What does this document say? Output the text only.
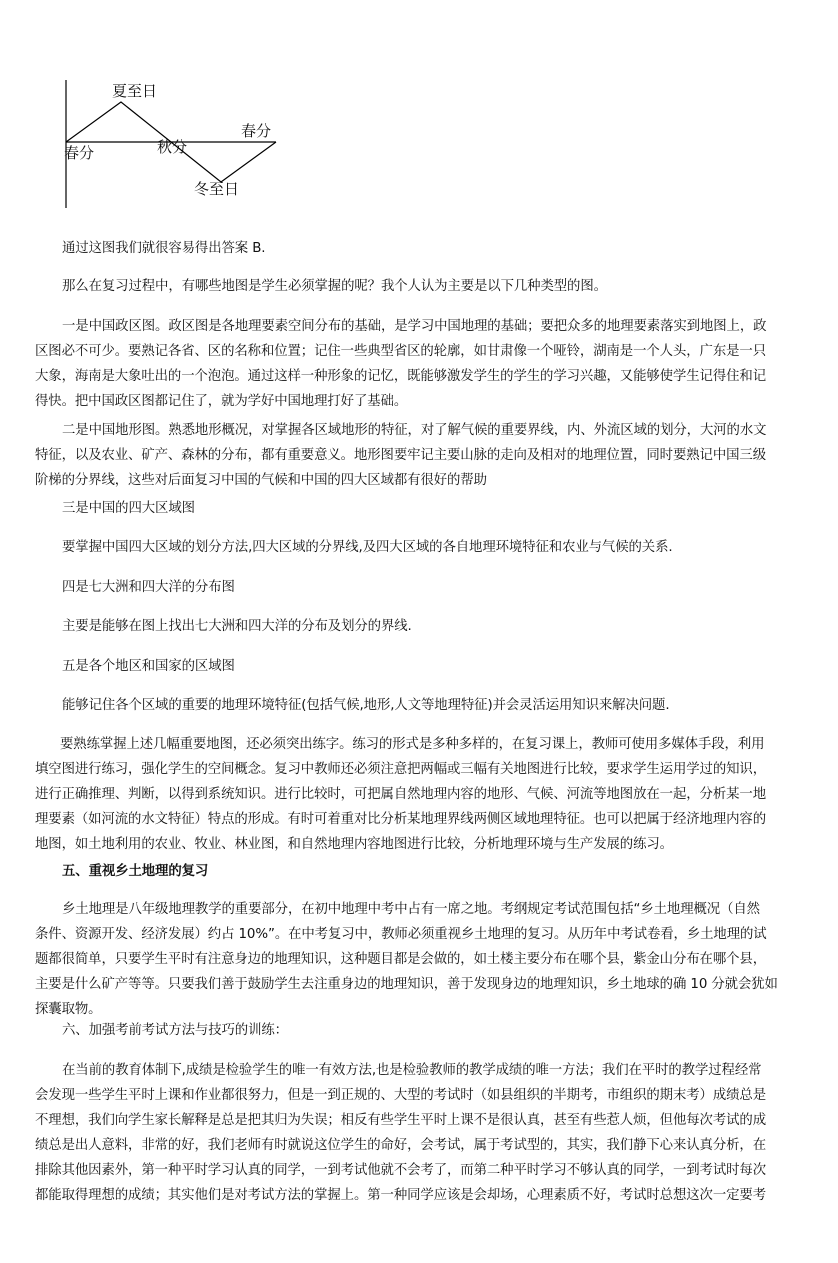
夏至日
春分	秋分
冬至日
春分
通过这图我们就很容易得出答案 B.
那么在复习过程中，有哪些地图是学生必须掌握的呢？我个人认为主要是以下几种类型的图。
一是中国政区图。政区图是各地理要素空间分布的基础，是学习中国地理的基础；要把众多的地理要素落实到地图上，政
区图必不可少。要熟记各省、区的名称和位置；记住一些典型省区的轮廓，如甘肃像一个哑铃，湖南是一个人头，广东是一只
大象，海南是大象吐出的一个泡泡。通过这样一种形象的记忆，既能够激发学生的学生的学习兴趣，又能够使学生记得住和记
得快。把中国政区图都记住了，就为学好中国地理打好了基础。
二是中国地形图。熟悉地形概况，对掌握各区域地形的特征，对了解气候的重要界线，内、外流区域的划分，大河的水文
特征，以及农业、矿产、森林的分布，都有重要意义。地形图要牢记主要山脉的走向及相对的地理位置，同时要熟记中国三级
阶梯的分界线，这些对后面复习中国的气候和中国的四大区域都有很好的帮助
三是中国的四大区域图
要掌握中国四大区域的划分方法,四大区域的分界线,及四大区域的各自地理环境特征和农业与气候的关系.
四是七大洲和四大洋的分布图
主要是能够在图上找出七大洲和四大洋的分布及划分的界线.
五是各个地区和国家的区域图
能够记住各个区域的重要的地理环境特征(包括气候,地形,人文等地理特征)并会灵活运用知识来解决问题.
要熟练掌握上述几幅重要地图，还必须突出练字。练习的形式是多种多样的，在复习课上，教师可使用多媒体手段，利用
填空图进行练习，强化学生的空间概念。复习中教师还必须注意把两幅或三幅有关地图进行比较，要求学生运用学过的知识，
进行正确推理、判断，以得到系统知识。进行比较时，可把属自然地理内容的地形、气候、河流等地图放在一起，分析某一地
理要素（如河流的水文特征）特点的形成。有时可着重对比分析某地理界线两侧区域地理特征。也可以把属于经济地理内容的
地图，如土地利用的农业、牧业、林业图，和自然地理内容地图进行比较，分析地理环境与生产发展的练习。
五、重视乡土地理的复习
乡土地理是八年级地理教学的重要部分，在初中地理中考中占有一席之地。考纲规定考试范围包括“乡土地理概况（自然
条件、资源开发、经济发展）约占 10%”。在中考复习中，教师必须重视乡土地理的复习。从历年中考试卷看，乡土地理的试
题都很简单，只要学生平时有注意身边的地理知识，这种题目都是会做的，如土楼主要分布在哪个县，紫金山分布在哪个县，
主要是什么矿产等等。只要我们善于鼓励学生去注重身边的地理知识，善于发现身边的地理知识，乡土地球的确 10 分就会犹如
探囊取物。
六、加强考前考试方法与技巧的训练：
在当前的教育体制下,成绩是检验学生的唯一有效方法,也是检验教师的教学成绩的唯一方法；我们在平时的教学过程经常
会发现一些学生平时上课和作业都很努力，但是一到正规的、大型的考试时（如县组织的半期考，市组织的期末考）成绩总是
不理想，我们向学生家长解释是总是把其归为失误；相反有些学生平时上课不是很认真，甚至有些惹人烦，但他每次考试的成
绩总是出人意料，非常的好，我们老师有时就说这位学生的命好，会考试，属于考试型的，其实，我们静下心来认真分析，在
排除其他因素外，第一种平时学习认真的同学，一到考试他就不会考了，而第二种平时学习不够认真的同学，一到考试时每次
都能取得理想的成绩；其实他们是对考试方法的掌握上。第一种同学应该是会却场，心理素质不好，考试时总想这次一定要考
